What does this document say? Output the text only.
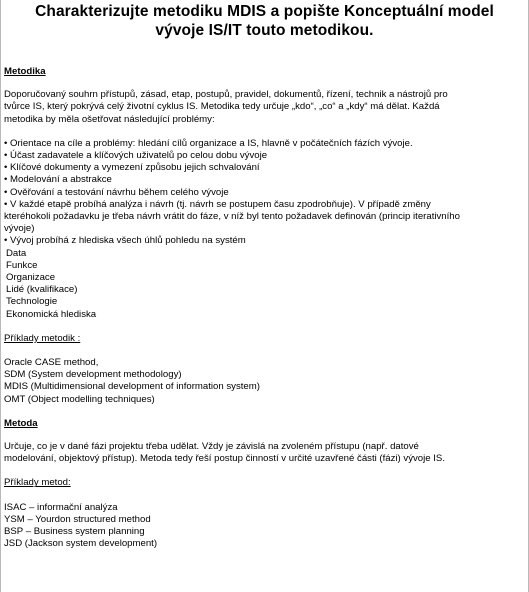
Charakterizujte metodiku MDIS a popište Konceptuální model
vývoje IS/IT touto metodikou.
Metodika
Doporučovaný souhrn přístupů, zásad, etap, postupů, pravidel, dokumentů, řízení, technik a nástrojů pro
tvůrce IS, který pokrývá celý životní cyklus IS. Metodika tedy určuje „kdo“, „co“ a „kdy“ má dělat. Každá
metodika by měla ošetřovat následující problémy:
• Orientace na cíle a problémy: hledání cílů organizace a IS, hlavně v počátečních fázích vývoje.
• Účast zadavatele a klíčových uživatelů po celou dobu vývoje
• Klíčové dokumenty a vymezení způsobu jejich schvalování
• Modelování a abstrakce
• Ověřování a testování návrhu během celého vývoje
• V každé etapě probíhá analýza i návrh (tj. návrh se postupem času zpodrobňuje). V případě změny
kteréhokoli požadavku je třeba návrh vrátit do fáze, v níž byl tento požadavek definován (princip iterativního
vývoje)
• Vývoj probíhá z hlediska všech úhlů pohledu na systém
Data
Funkce
Organizace
Lidé (kvalifikace)
Technologie
Ekonomická hlediska
Příklady metodik :
Oracle CASE method,
SDM (System development methodology)
MDIS (Multidimensional development of information system)
OMT (Object modelling techniques)
Metoda
Určuje, co je v dané fázi projektu třeba udělat. Vždy je závislá na zvoleném přístupu (např. datové
modelování, objektový přístup). Metoda tedy řeší postup činností v určité uzavřené části (fázi) vývoje IS.
Příklady metod:
ISAC – informační analýza
YSM – Yourdon structured method
BSP – Business system planning
JSD (Jackson system development)
